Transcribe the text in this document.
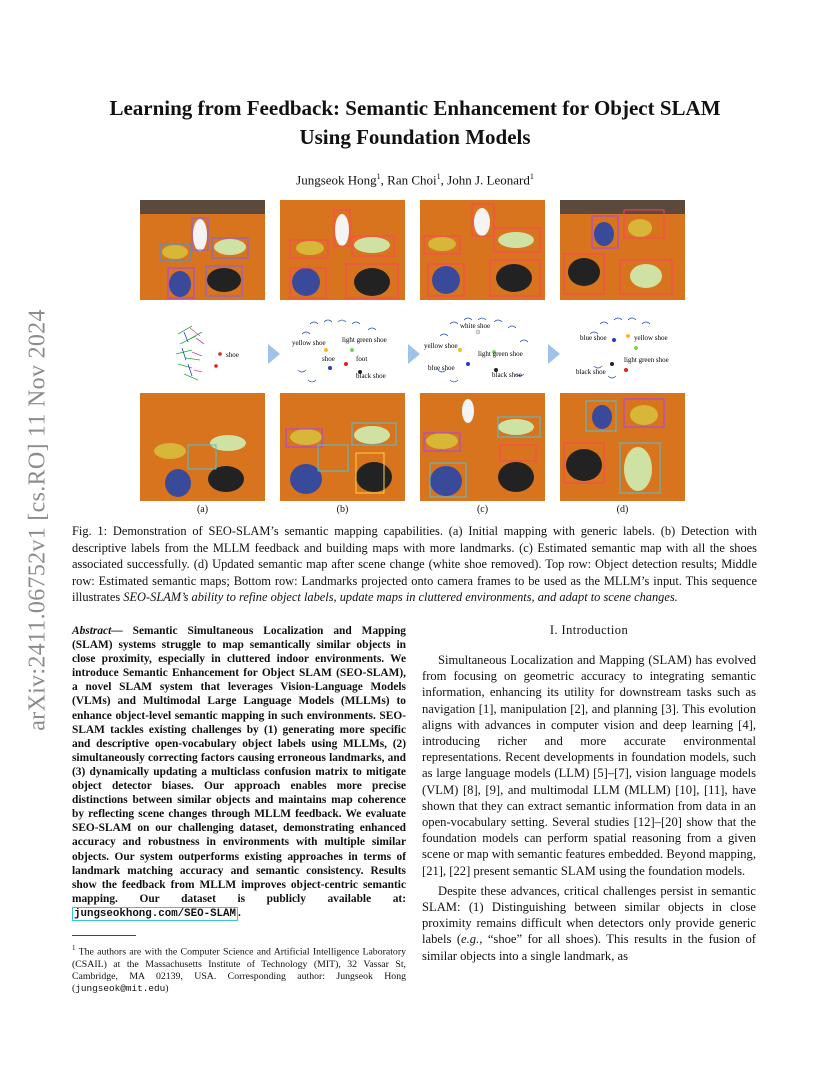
arXiv:2411.06752v1 [cs.RO] 11 Nov 2024
Learning from Feedback: Semantic Enhancement for Object SLAM
Using Foundation Models
Jungseok Hong$^1$, Ran Choi$^1$, John J. Leonard$^1$
shoe
(a)
yellow shoe light green shoe
shoe	foot
black shoe
(b)
white shoe
yellow shoe
light green shoe
blue shoe
black shoe
(c)
blue shoe	yellow shoe
light green shoe
black shoe
(d)
Fig. 1: Demonstration of SEO-SLAM’s semantic mapping capabilities. (a) Initial mapping with generic labels. (b) Detection with descriptive labels from the MLLM feedback and building maps with more landmarks. (c) Estimated semantic map with all the shoes associated successfully. (d) Updated semantic map after scene change (white shoe removed). Top row: Object detection results; Middle row: Estimated semantic maps; Bottom row: Landmarks projected onto camera frames to be used as the MLLM’s input. This sequence illustrates SEO-SLAM’s ability to refine object labels, update maps in cluttered environments, and adapt to scene changes.
Abstract— Semantic Simultaneous Localization and Mapping (SLAM) systems struggle to map semantically similar objects in close proximity, especially in cluttered indoor environments. We introduce Semantic Enhancement for Object SLAM (SEO-SLAM), a novel SLAM system that leverages Vision-Language Models (VLMs) and Multimodal Large Language Models (MLLMs) to enhance object-level semantic mapping in such environments. SEO-SLAM tackles existing challenges by (1) generating more specific and descriptive open-vocabulary object labels using MLLMs, (2) simultaneously correcting factors causing erroneous landmarks, and (3) dynamically updating a multiclass confusion matrix to mitigate object detector biases. Our approach enables more precise distinctions between similar objects and maintains map coherence by reflecting scene changes through MLLM feedback. We evaluate SEO-SLAM on our challenging dataset, demonstrating enhanced accuracy and robustness in environments with multiple similar objects. Our system outperforms existing approaches in terms of landmark matching accuracy and semantic consistency. Results show the feedback from MLLM improves object-centric semantic mapping. Our dataset is publicly available at: jungseokhong.com/SEO-SLAM .
$^1$ The authors are with the Computer Science and Artificial Intelligence Laboratory (CSAIL) at the Massachusetts Institute of Technology (MIT), 32 Vassar St, Cambridge, MA 02139, USA. Corresponding author: Jungseok Hong (jungseok@mit.edu)
I. Introduction

Simultaneous Localization and Mapping (SLAM) has evolved from focusing on geometric accuracy to integrating semantic information, enhancing its utility for downstream tasks such as navigation [1], manipulation [2], and planning [3]. This evolution aligns with advances in computer vision and deep learning [4], introducing richer and more accurate environmental representations. Recent developments in foundation models, such as large language models (LLM) [5]–[7], vision language models (VLM) [8], [9], and multimodal LLM (MLLM) [10], [11], have shown that they can extract semantic information from data in an open-vocabulary setting. Several studies [12]–[20] show that the foundation models can perform spatial reasoning from a given scene or map with semantic features embedded. Beyond mapping, [21], [22] present semantic SLAM using the foundation models.

Despite these advances, critical challenges persist in semantic SLAM: (1) Distinguishing between similar objects in close proximity remains difficult when detectors only provide generic labels (e.g., “shoe” for all shoes). This results in the fusion of similar objects into a single landmark, as
